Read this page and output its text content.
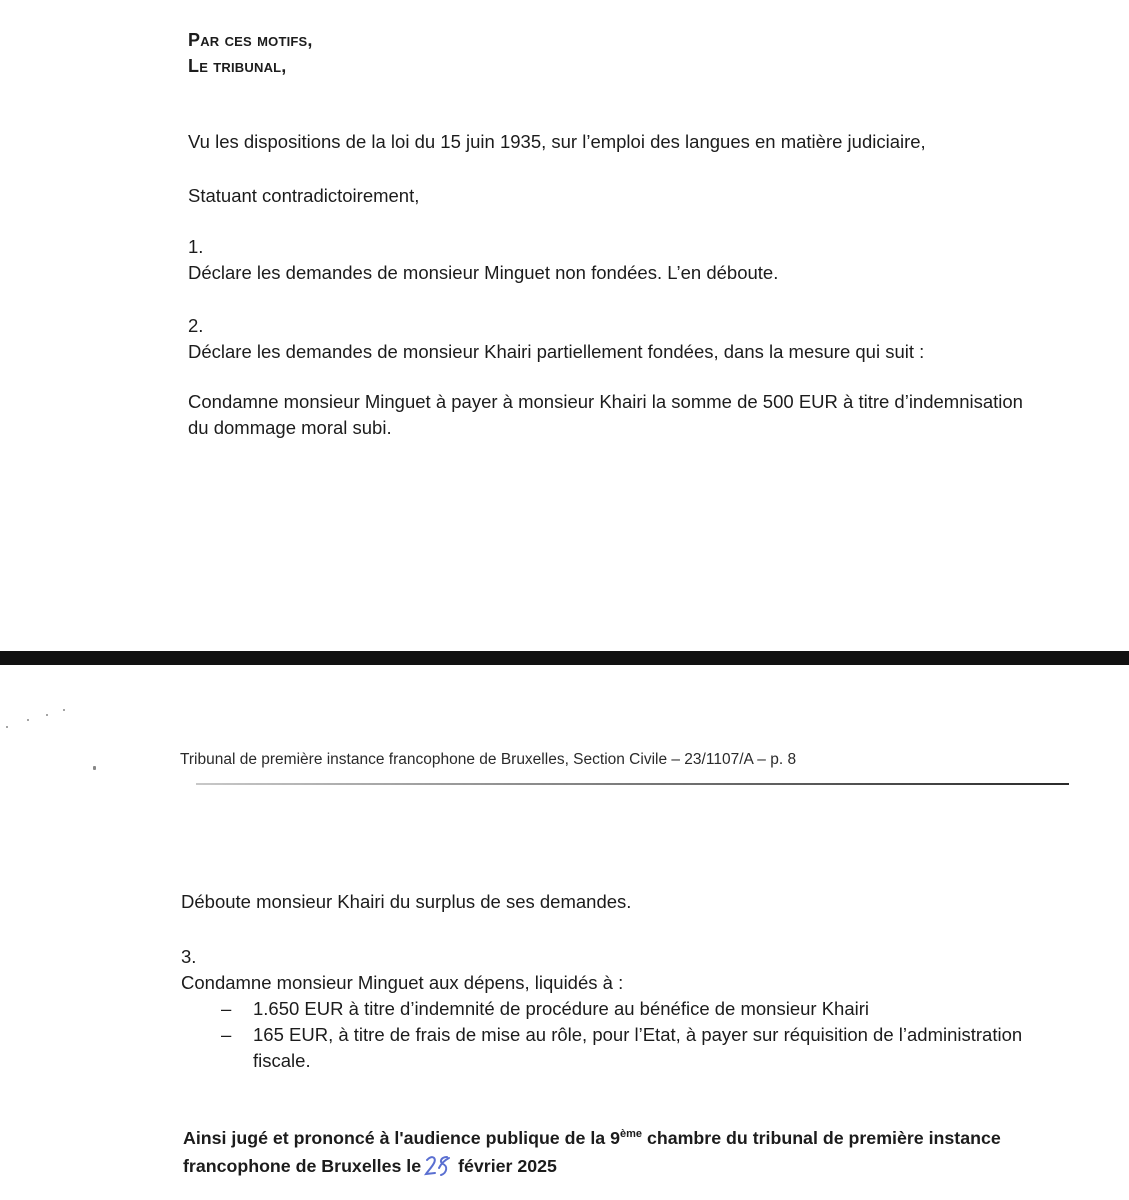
Par ces motifs,
Le tribunal,
Vu les dispositions de la loi du 15 juin 1935, sur l’emploi des langues en matière judiciaire,
Statuant contradictoirement,
1.
Déclare les demandes de monsieur Minguet non fondées. L’en déboute.
2.
Déclare les demandes de monsieur Khairi partiellement fondées, dans la mesure qui suit :
Condamne monsieur Minguet à payer à monsieur Khairi la somme de 500 EUR à titre d’indemnisation
du dommage moral subi.
Tribunal de première instance francophone de Bruxelles, Section Civile – 23/1107/A – p. 8
Déboute monsieur Khairi du surplus de ses demandes.
3.
Condamne monsieur Minguet aux dépens, liquidés à :
– 1.650 EUR à titre d’indemnité de procédure au bénéfice de monsieur Khairi
– 165 EUR, à titre de frais de mise au rôle, pour l’Etat, à payer sur réquisition de l’administration
fiscale.
Ainsi jugé et prononcé à l'audience publique de la 9ème chambre du tribunal de première instance
francophone de Bruxelles le février 2025
